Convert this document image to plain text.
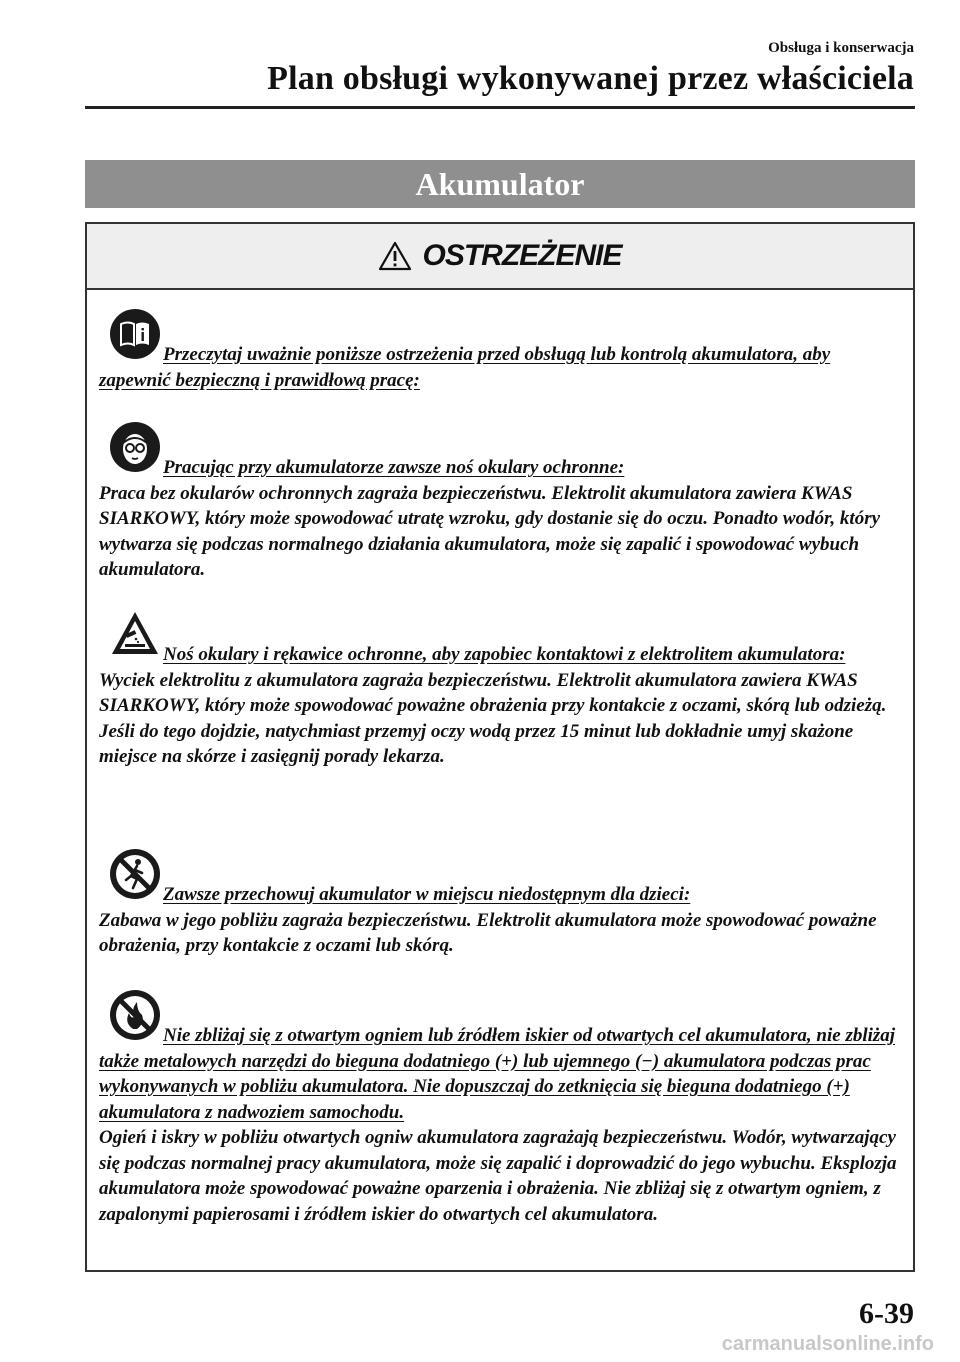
Obsługa i konserwacja
Plan obsługi wykonywanej przez właściciela
Akumulator
OSTRZEŻENIE

Przeczytaj uważnie poniższe ostrzeżenia przed obsługą lub kontrolą akumulatora, aby zapewnić bezpieczną i prawidłową pracę:

Pracując przy akumulatorze zawsze noś okulary ochronne:
Praca bez okularów ochronnych zagraża bezpieczeństwu. Elektrolit akumulatora zawiera KWAS SIARKOWY, który może spowodować utratę wzroku, gdy dostanie się do oczu. Ponadto wodór, który wytwarza się podczas normalnego działania akumulatora, może się zapalić i spowodować wybuch akumulatora.

Noś okulary i rękawice ochronne, aby zapobiec kontaktowi z elektrolitem akumulatora:
Wyciek elektrolitu z akumulatora zagraża bezpieczeństwu. Elektrolit akumulatora zawiera KWAS SIARKOWY, który może spowodować poważne obrażenia przy kontakcie z oczami, skórą lub odzieżą. Jeśli do tego dojdzie, natychmiast przemyj oczy wodą przez 15 minut lub dokładnie umyj skażone miejsce na skórze i zasięgnij porady lekarza.

Zawsze przechowuj akumulator w miejscu niedostępnym dla dzieci:
Zabawa w jego pobliżu zagraża bezpieczeństwu. Elektrolit akumulatora może spowodować poważne obrażenia, przy kontakcie z oczami lub skórą.

Nie zbliżaj się z otwartym ogniem lub źródłem iskier od otwartych cel akumulatora, nie zbliżaj także metalowych narzędzi do bieguna dodatniego (+) lub ujemnego (−) akumulatora podczas prac wykonywanych w pobliżu akumulatora. Nie dopuszczaj do zetknięcia się bieguna dodatniego (+) akumulatora z nadwoziem samochodu.
Ogień i iskry w pobliżu otwartych ogniw akumulatora zagrażają bezpieczeństwu. Wodór, wytwarzający się podczas normalnej pracy akumulatora, może się zapalić i doprowadzić do jego wybuchu. Eksplozja akumulatora może spowodować poważne oparzenia i obrażenia. Nie zbliżaj się z otwartym ogniem, z zapalonymi papierosami i źródłem iskier do otwartych cel akumulatora.

6-39
carmanualsonline.info
